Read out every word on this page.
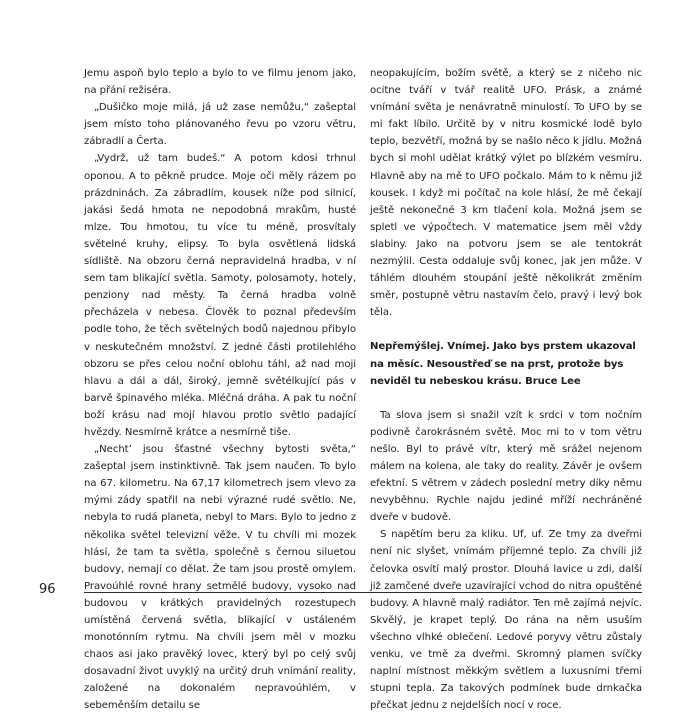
Jemu aspoň bylo teplo a bylo to ve filmu jenom jako, na přání režiséra.

„Dušičko moje milá, já už zase nemůžu,“ zašeptal jsem místo toho plánovaného řevu po vzoru větru, zábradlí a Čerta.

„Vydrž, už tam budeš.“ A potom kdosi trhnul oponou. A to pěkně prudce. Moje oči měly rázem po prázdninách. Za zábradlím, kousek níže pod silnicí, jakási šedá hmota ne nepodobná mrakům, husté mlze. Tou hmotou, tu více tu méně, prosvítaly světelné kruhy, elipsy. To byla osvětlená lidská sídliště. Na obzoru černá nepravidelná hradba, v ní sem tam blikající světla. Samoty, polosamoty, hotely, penziony nad městy. Ta černá hradba volně přecházela v nebesa. Člověk to poznal především podle toho, že těch světelných bodů najednou přibylo v neskutečném množství. Z jedné části protilehlého obzoru se přes celou noční oblohu táhl, až nad moji hlavu a dál a dál, široký, jemně světélkující pás v barvě špinavého mléka. Mléčná dráha. A pak tu noční boží krásu nad mojí hlavou protlo světlo padající hvězdy. Nesmírně krátce a nesmírně tiše.

„Necht’ jsou šťastné všechny bytosti světa,“ zašeptal jsem instinktivně. Tak jsem naučen. To bylo na 67. kilometru. Na 67,17 kilometrech jsem vlevo za mými zády spatřil na nebi výrazné rudé světlo. Ne, nebyla to rudá planeta, nebyl to Mars. Bylo to jedno z několika světel televizní věže. V tu chvíli mi mozek hlásí, že tam ta světla, společně s černou siluetou budovy, nemají co dělat. Že tam jsou prostě omylem. Pravoúhlé rovné hrany setmělé budovy, vysoko nad budovou v krátkých pravidelných rozestupech umístěná červená světla, blikající v ustáleném monotónním rytmu. Na chvíli jsem měl v mozku chaos asi jako pravěký lovec, který byl po celý svůj dosavadní život uvyklý na určitý druh vnímání reality, založené na dokonalém nepravoúhlém, v sebeměnším detailu se

neopakujícím, božím světě, a který se z ničeho nic ocitne tváří v tvář realitě UFO. Prásk, a známé vnímání světa je nenávratně minulostí. To UFO by se mi fakt líbilo. Určitě by v nitru kosmické lodě bylo teplo, bezvětří, možná by se našlo něco k jídlu. Možná bych si mohl udělat krátký výlet po blízkém vesmíru. Hlavně aby na mě to UFO počkalo. Mám to k němu již kousek. I když mi počítač na kole hlásí, že mě čekají ještě nekonečné 3 km tlačení kola. Možná jsem se spletl ve výpočtech. V matematice jsem měl vždy slabiny. Jako na potvoru jsem se ale tentokrát nezmýlil. Cesta oddaluje svůj konec, jak jen může. V táhlém dlouhém stoupání ještě několikrát změním směr, postupně větru nastavím čelo, pravý i levý bok těla.

Nepřemýšlej. Vnímej. Jako bys prstem ukazoval na měsíc. Nesoustřeď se na prst, protože bys neviděl tu nebeskou krásu. Bruce Lee

Ta slova jsem si snažil vzít k srdci v tom nočním podivně čarokrásném světě. Moc mi to v tom větru nešlo. Byl to právě vítr, který mě srážel nejenom málem na kolena, ale taky do reality. Závěr je ovšem efektní. S větrem v zádech poslední metry díky němu nevyběhnu. Rychle najdu jediné mříží nechráněné dveře v budově.

S napětím beru za kliku. Uf, uf. Ze tmy za dveřmi není nic slyšet, vnímám příjemné teplo. Za chvíli již čelovka osvítí malý prostor. Dlouhá lavice u zdi, další již zamčené dveře uzavírající vchod do nitra opuštěné budovy. A hlavně malý radiátor. Ten mě zajímá nejvíc. Skvělý, je krapet teplý. Do rána na něm usuším všechno vlhké oblečení. Ledové poryvy větru zůstaly venku, ve tmě za dveřmi. Skromný plamen svíčky naplní místnost měkkým světlem a luxusními třemi stupni tepla. Za takových podmínek bude drnkačka přečkat jednu z nejdelších nocí v roce.

96
